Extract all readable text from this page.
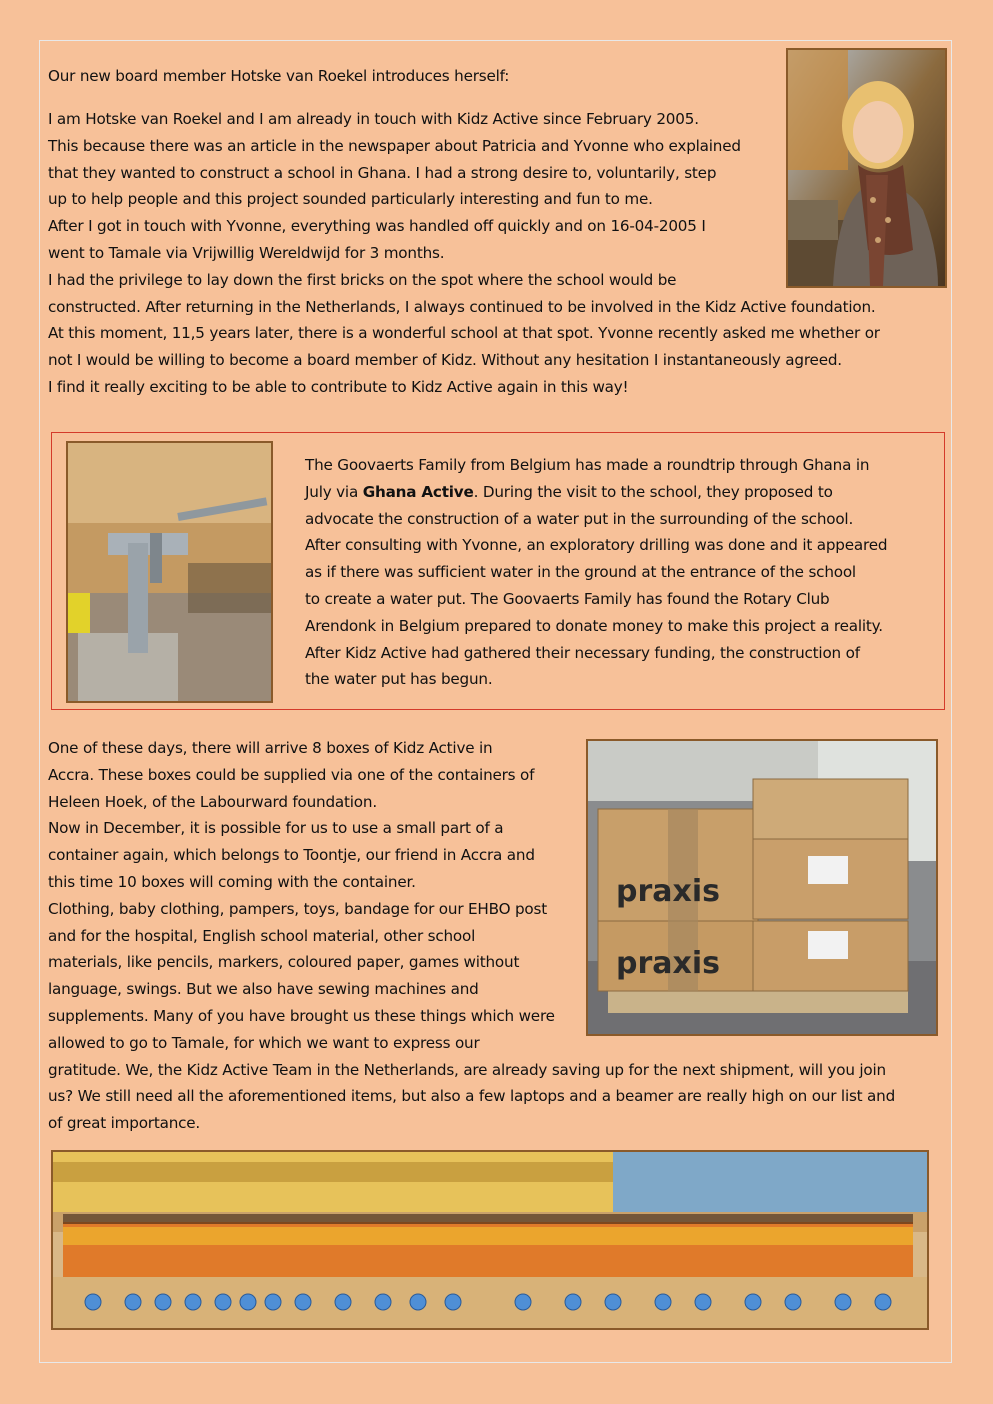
Our new board member Hotske van Roekel introduces herself:

I am Hotske van Roekel and I am already in touch with Kidz Active since February 2005.

This because there was an article in the newspaper about Patricia and Yvonne who explained

that they wanted to construct a school in Ghana. I had a strong desire to, voluntarily, step

up to help people and this project sounded particularly interesting and fun to me.

After I got in touch with Yvonne, everything was handled off quickly and on 16-04-2005 I

went to Tamale via Vrijwillig Wereldwijd for 3 months.

I had the privilege to lay down the first bricks on the spot where the school would be

constructed. After returning in the Netherlands, I always continued to be involved in the Kidz Active foundation.

At this moment, 11,5 years later, there is a wonderful school at that spot. Yvonne recently asked me whether or

not I would be willing to become a board member of Kidz. Without any hesitation I instantaneously agreed.

I find it really exciting to be able to contribute to Kidz Active again in this way!

The Goovaerts Family from Belgium has made a roundtrip through Ghana in

July via Ghana Active. During the visit to the school, they proposed to

advocate the construction of a water put in the surrounding of the school.

After consulting with Yvonne, an exploratory drilling was done and it appeared

as if there was sufficient water in the ground at the entrance of the school

to create a water put. The Goovaerts Family has found the Rotary Club

Arendonk in Belgium prepared to donate money to make this project a reality.

After Kidz Active had gathered their necessary funding, the construction of

the water put has begun.

One of these days, there will arrive 8 boxes of Kidz Active in

Accra. These boxes could be supplied via one of the containers of

Heleen Hoek, of the Labourward foundation.

Now in December, it is possible for us to use a small part of a

container again, which belongs to Toontje, our friend in Accra and

this time 10 boxes will coming with the container.

Clothing, baby clothing, pampers, toys, bandage for our EHBO post

and for the hospital, English school material, other school

materials, like pencils, markers, coloured paper, games without

language, swings. But we also have sewing machines and

supplements. Many of you have brought us these things which were

allowed to go to Tamale, for which we want to express our

gratitude. We, the Kidz Active Team in the Netherlands, are already saving up for the next shipment, will you join

us? We still need all the aforementioned items, but also a few laptops and a beamer are really high on our list and

of great importance.

praxis
praxis
